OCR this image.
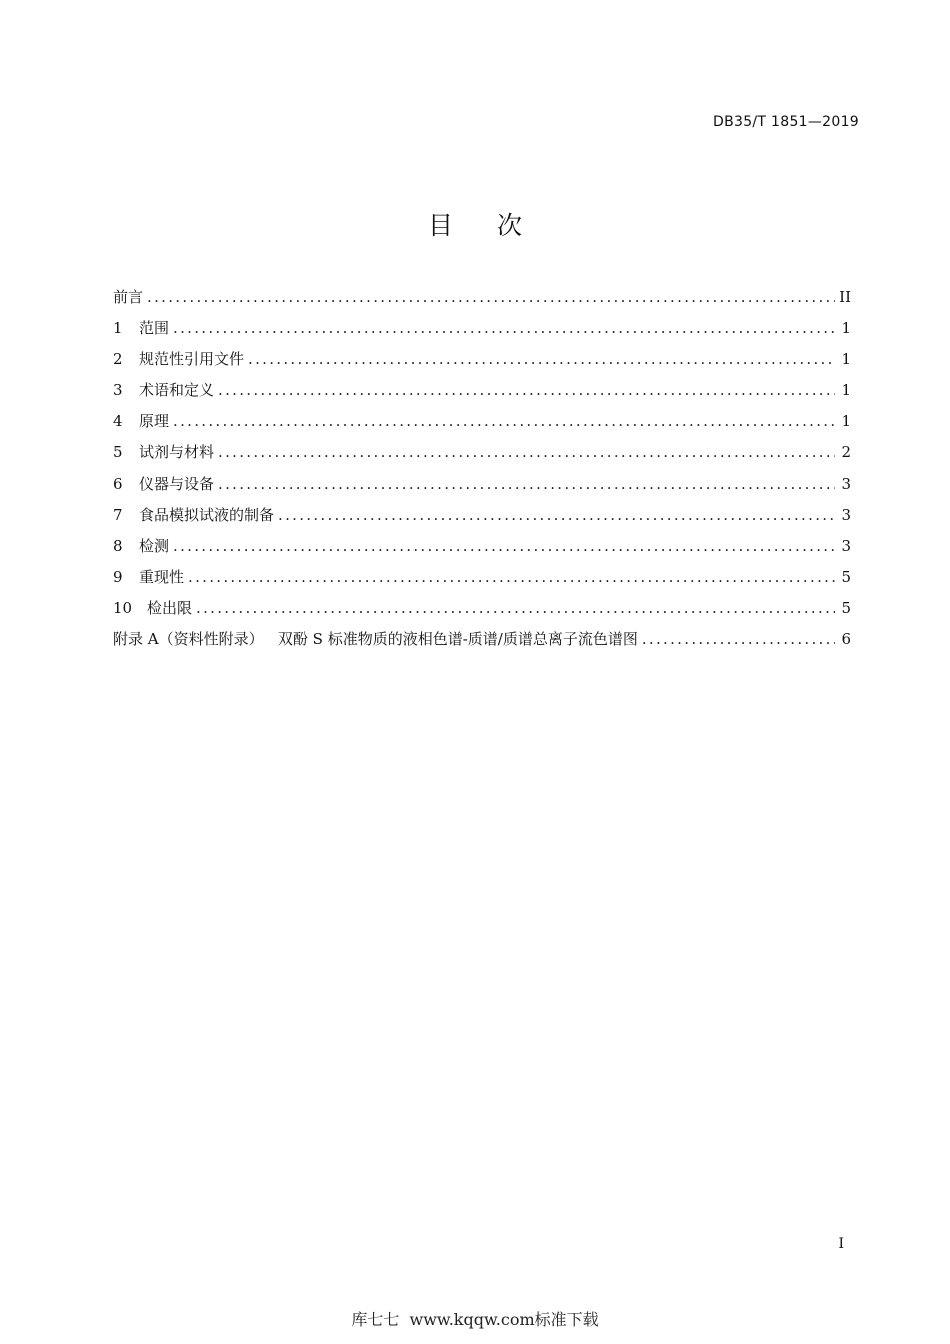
DB35/T 1851—2019
目 次
前言 .....	II
1	范围 .....	1
2	规范性引用文件 .....	1
3	术语和定义 .....	1
4	原理 .....	1
5	试剂与材料 .....	2
6	仪器与设备 .....	3
7	食品模拟试液的制备 .....	3
8	检测 .....	3
9	重现性 .....	5
10 检出限 .....	5
附录 A（资料性附录）   双酚 S 标准物质的液相色谱-质谱/质谱总离子流色谱图 .....	6
I
库七七  www.kqqw.com标准下载
